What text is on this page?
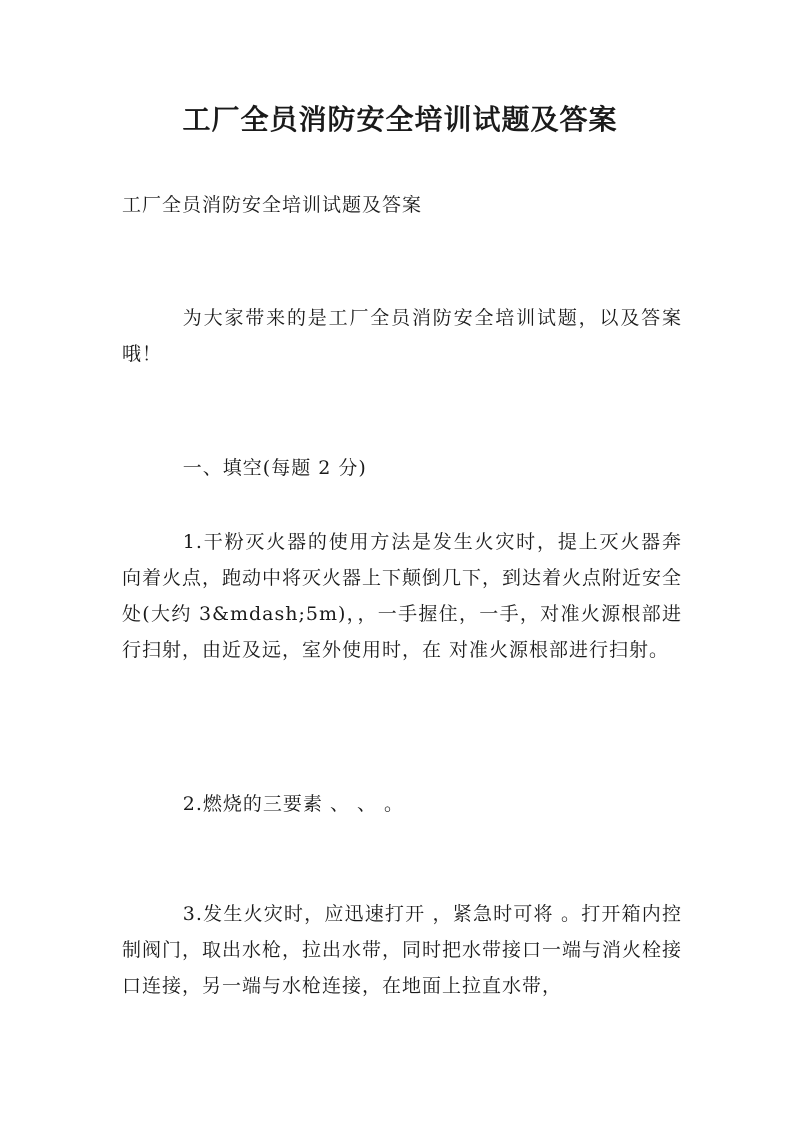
工厂全员消防安全培训试题及答案

工厂全员消防安全培训试题及答案

为大家带来的是工厂全员消防安全培训试题，以及答案哦！

一、填空(每题 2 分)

1.干粉灭火器的使用方法是发生火灾时，提上灭火器奔向着火点，跑动中将灭火器上下颠倒几下，到达着火点附近安全处(大约 3&mdash;5m)，，一手握住，一手，对准火源根部进行扫射，由近及远，室外使用时，在 对准火源根部进行扫射。

2.燃烧的三要素 、 、 。

3.发生火灾时，应迅速打开 ，紧急时可将 。打开箱内控制阀门，取出水枪，拉出水带，同时把水带接口一端与消火栓接口连接，另一端与水枪连接，在地面上拉直水带，
